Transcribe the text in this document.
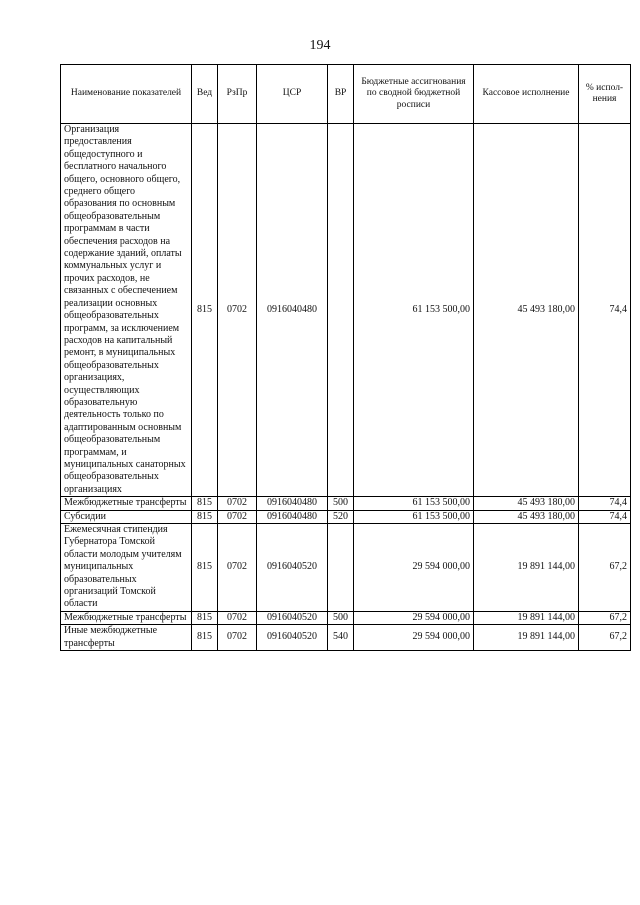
194
Наименование показателей	Вед	РзПр	ЦСР	ВР	Бюджетные ассигнования по сводной бюджетной росписи	Кассовое исполнение	% испол-нения
Организация предоставления общедоступного и бесплатного начального общего, основного общего, среднего общего образования по основным общеобразовательным программам в части обеспечения расходов на содержание зданий, оплаты коммунальных услуг и прочих расходов, не связанных с обеспечением реализации основных общеобразовательных программ, за исключением расходов на капитальный ремонт, в муниципальных общеобразовательных организациях, осуществляющих образовательную деятельность только по адаптированным основным общеобразовательным программам, и муниципальных санаторных общеобразовательных организациях	815	0702	0916040480		61 153 500,00	45 493 180,00	74,4
Межбюджетные трансферты	815	0702	0916040480	500	61 153 500,00	45 493 180,00	74,4
Субсидии	815	0702	0916040480	520	61 153 500,00	45 493 180,00	74,4
Ежемесячная стипендия Губернатора Томской области молодым учителям муниципальных образовательных организаций Томской области	815	0702	0916040520		29 594 000,00	19 891 144,00	67,2
Межбюджетные трансферты	815	0702	0916040520	500	29 594 000,00	19 891 144,00	67,2
Иные межбюджетные трансферты	815	0702	0916040520	540	29 594 000,00	19 891 144,00	67,2
